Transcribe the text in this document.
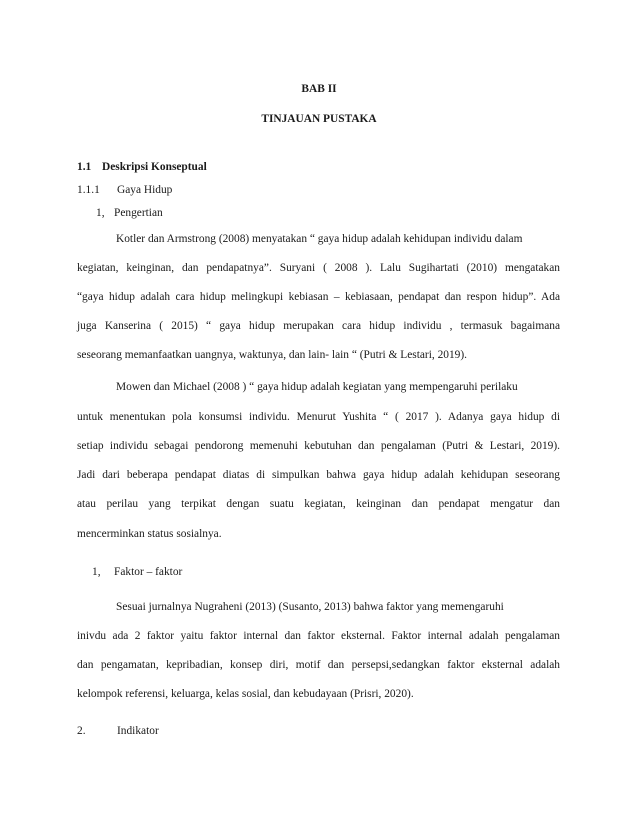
BAB II
TINJAUAN PUSTAKA
1.1 Deskripsi Konseptual
1.1.1 Gaya Hidup
1, Pengertian
Kotler dan Armstrong (2008) menyatakan “ gaya hidup adalah kehidupan individu dalam
kegiatan, keinginan, dan pendapatnya”. Suryani ( 2008 ). Lalu Sugihartati (2010) mengatakan
“gaya hidup adalah cara hidup melingkupi kebiasan – kebiasaan, pendapat dan respon hidup”. Ada
juga Kanserina ( 2015) “ gaya hidup merupakan cara hidup individu , termasuk bagaimana
seseorang memanfaatkan uangnya, waktunya, dan lain- lain “ (Putri & Lestari, 2019).
Mowen dan Michael (2008 ) “ gaya hidup adalah kegiatan yang mempengaruhi perilaku
untuk menentukan pola konsumsi individu. Menurut Yushita “ ( 2017 ). Adanya gaya hidup di
setiap individu sebagai pendorong memenuhi kebutuhan dan pengalaman (Putri & Lestari, 2019).
Jadi dari beberapa pendapat diatas di simpulkan bahwa gaya hidup adalah kehidupan seseorang
atau perilau yang terpikat dengan suatu kegiatan, keinginan dan pendapat mengatur dan
mencerminkan status sosialnya.
1, Faktor – faktor
Sesuai jurnalnya Nugraheni (2013) (Susanto, 2013) bahwa faktor yang memengaruhi
inivdu ada 2 faktor yaitu faktor internal dan faktor eksternal. Faktor internal adalah pengalaman
dan pengamatan, kepribadian, konsep diri, motif dan persepsi,sedangkan faktor eksternal adalah
kelompok referensi, keluarga, kelas sosial, dan kebudayaan (Prisri, 2020).
2.	Indikator
